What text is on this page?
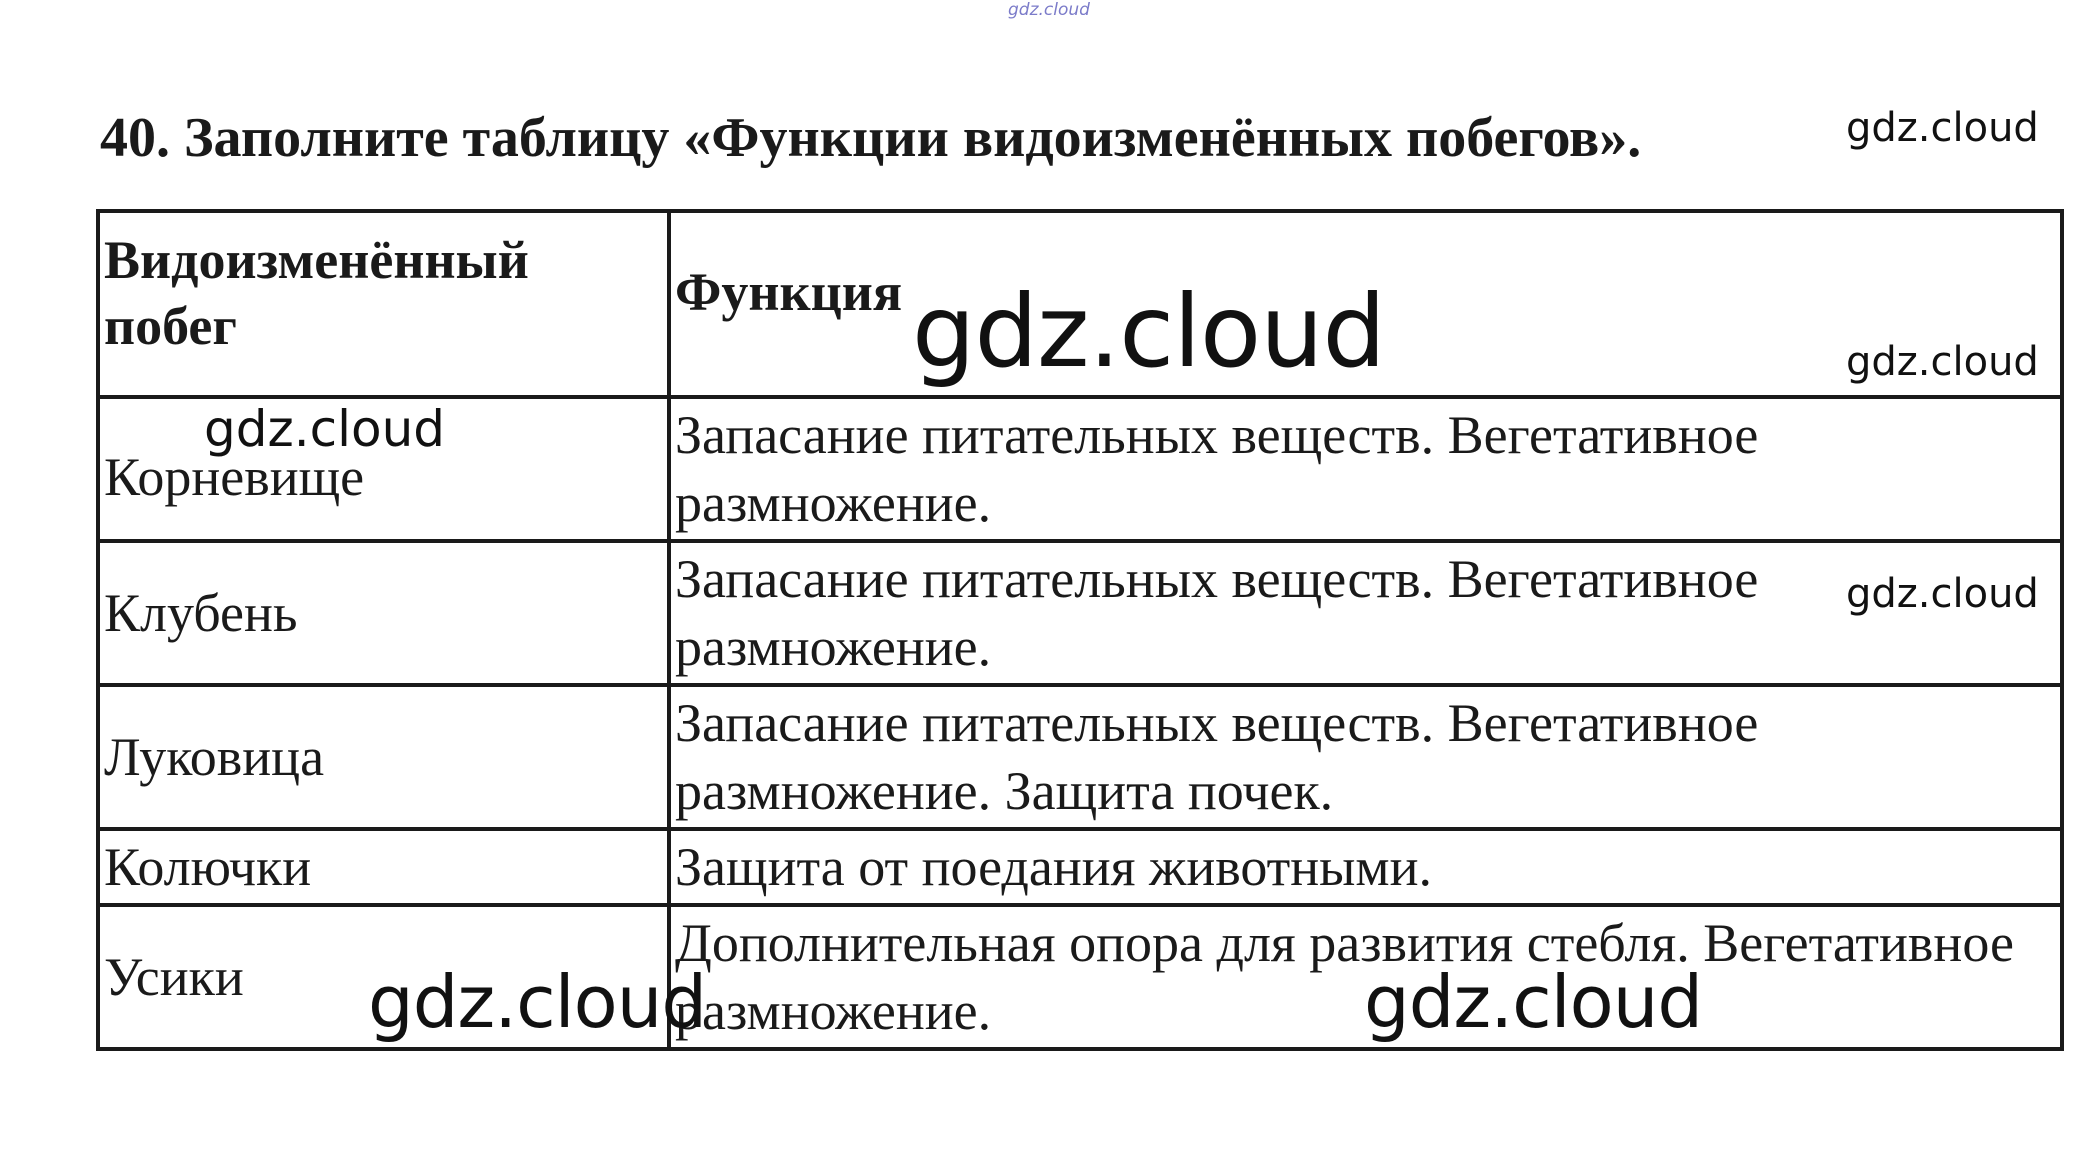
gdz.cloud
gdz.cloud
40. Заполните таблицу «Функции видоизменённых побегов».
Видоизменённый побег	Функция
Корневище	Запасание питательных веществ. Вегетативное размножение.
Клубень	Запасание питательных веществ. Вегетативное размножение.
Луковица	Запасание питательных веществ. Вегетативное размножение. Защита почек.
Колючки	Защита от поедания животными.
Усики	Дополнительная опора для развития стебля. Вегетативное размножение.
gdz.cloud	gdz.cloud
gdz.cloud
gdz.cloud
gdz.cloud	gdz.cloud
